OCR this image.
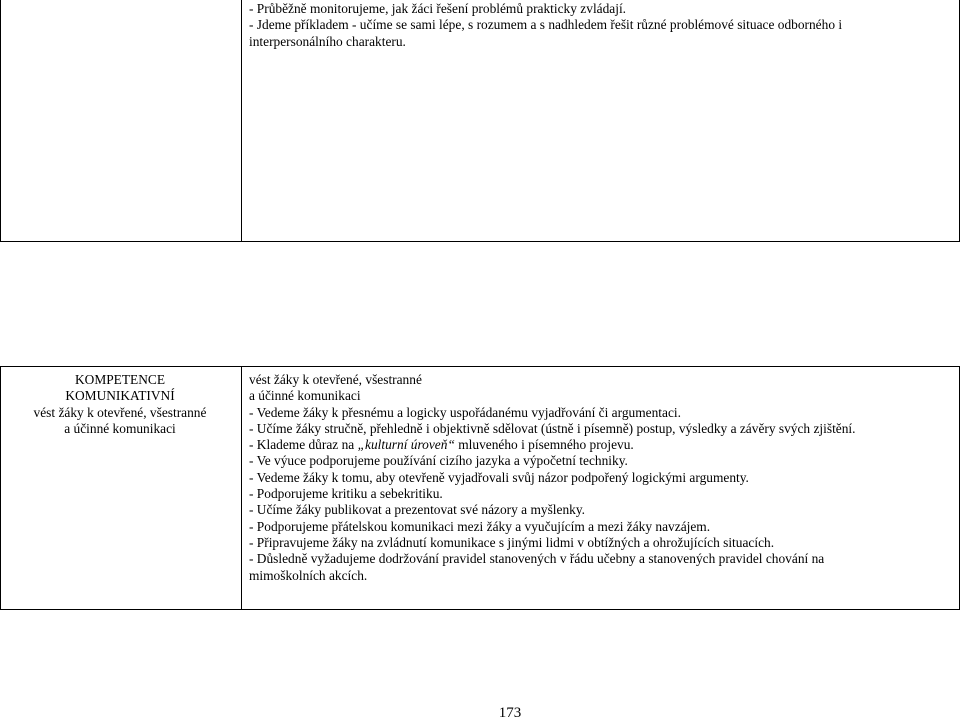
- Průběžně monitorujeme, jak žáci řešení problémů prakticky zvládají.
- Jdeme příkladem - učíme se sami lépe, s rozumem a s nadhledem řešit různé problémové situace odborného i
interpersonálního charakteru.
KOMPETENCE
KOMUNIKATIVNÍ
vést žáky k otevřené, všestranné
a účinné komunikaci
vést žáky k otevřené, všestranné
a účinné komunikaci
- Vedeme žáky k přesnému a logicky uspořádanému vyjadřování či argumentaci.
- Učíme žáky stručně, přehledně i objektivně sdělovat (ústně i písemně) postup, výsledky a závěry svých zjištění.
- Klademe důraz na „kulturní úroveň“ mluveného i písemného projevu.
- Ve výuce podporujeme používání cizího jazyka a výpočetní techniky.
- Vedeme žáky k tomu, aby otevřeně vyjadřovali svůj názor podpořený logickými argumenty.
- Podporujeme kritiku a sebekritiku.
- Učíme žáky publikovat a prezentovat své názory a myšlenky.
- Podporujeme přátelskou komunikaci mezi žáky a vyučujícím a mezi žáky navzájem.
- Připravujeme žáky na zvládnutí komunikace s jinými lidmi v obtížných a ohrožujících situacích.
- Důsledně vyžadujeme dodržování pravidel stanovených v řádu učebny a stanovených pravidel chování na
mimoškolních akcích.
173
